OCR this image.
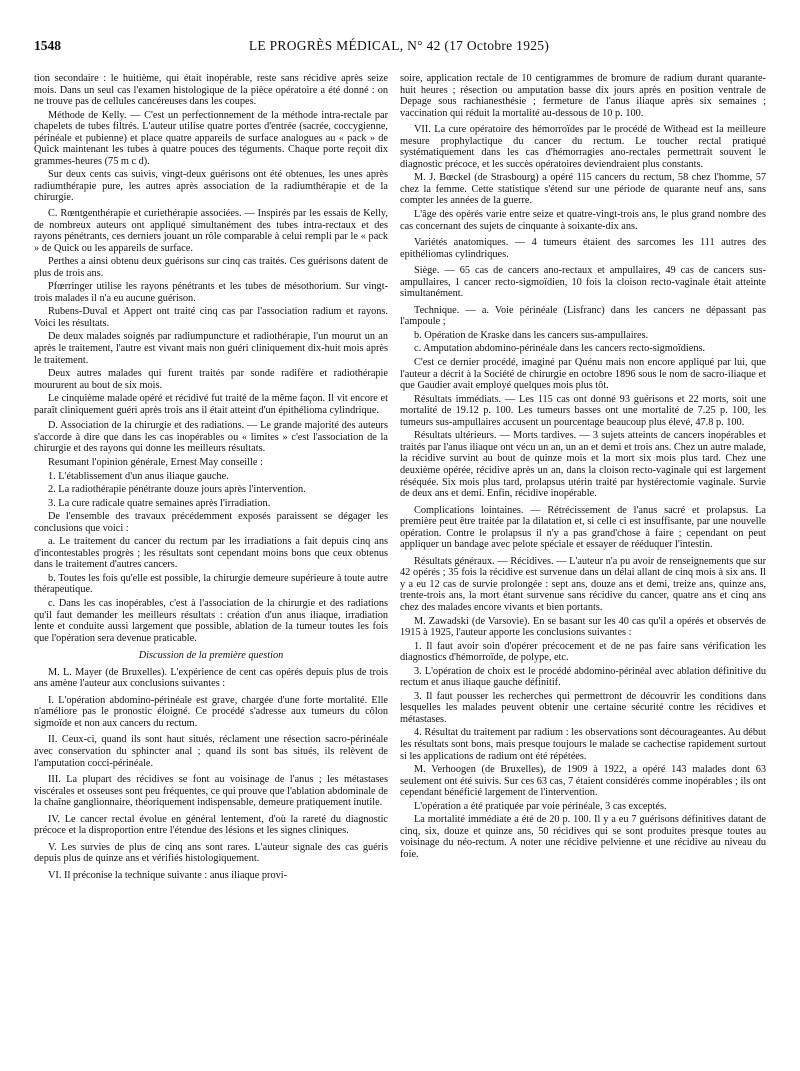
1548	LE PROGRÈS MÉDICAL, N° 42 (17 Octobre 1925)

tion secondaire : le huitième, qui était inopérable, reste sans récidive après seize mois. Dans un seul cas l'examen histologique de la pièce opératoire a été donné : on ne trouve pas de cellules cancéreuses dans les coupes.

Méthode de Kelly. — C'est un perfectionnement de la méthode intra-rectale par chapelets de tubes filtrés. L'auteur utilise quatre portes d'entrée (sacrée, coccygienne, périnéale et pubienne) et place quatre appareils de surface analogues au « pack » de Quick maintenant les tubes à quatre pouces des téguments. Chaque porte reçoit dix grammes-heures (75 m c d).

Sur deux cents cas suivis, vingt-deux guérisons ont été obtenues, les unes après radiumthérapie pure, les autres après association de la radiumthérapie et de la chirurgie.

C. Rœntgenthérapie et curiethérapie associées. — Inspirés par les essais de Kelly, de nombreux auteurs ont appliqué simultanément des tubes intra-rectaux et des rayons pénétrants, ces derniers jouant un rôle comparable à celui rempli par le « pack » de Quick ou les appareils de surface.

Perthes a ainsi obtenu deux guérisons sur cinq cas traités. Ces guérisons datent de plus de trois ans.

Pfœrringer utilise les rayons pénétrants et les tubes de mésothorium. Sur vingt-trois malades il n'a eu aucune guérison.

Rubens-Duval et Appert ont traité cinq cas par l'association radium et rayons. Voici les résultats.

De deux malades soignés par radiumpuncture et radiothérapie, l'un mourut un an après le traitement, l'autre est vivant mais non guéri cliniquement dix-huit mois après le traitement.

Deux autres malades qui furent traités par sonde radifère et radiothérapie moururent au bout de six mois.

Le cinquième malade opéré et récidivé fut traité de la même façon. Il vit encore et paraît cliniquement guéri après trois ans il était atteint d'un épithélioma cylindrique.

D. Association de la chirurgie et des radiations. — Le grande majorité des auteurs s'accorde à dire que dans les cas inopérables ou « limites » c'est l'association de la chirurgie et des rayons qui donne les meilleurs résultats.

Resumant l'opinion générale, Ernest May conseille :

1. L'établissement d'un anus iliaque gauche.

2. La radiothérapie pénétrante douze jours après l'intervention.

3. La cure radicale quatre semaines après l'irradiation.

De l'ensemble des travaux précédemment exposés paraissent se dégager les conclusions que voici :

a. Le traitement du cancer du rectum par les irradiations a fait depuis cinq ans d'incontestables progrès ; les résultats sont cependant moins bons que ceux obtenus dans le traitement d'autres cancers.

b. Toutes les fois qu'elle est possible, la chirurgie demeure supérieure à toute autre thérapeutique.

c. Dans les cas inopérables, c'est à l'association de la chirurgie et des radiations qu'il faut demander les meilleurs résultats : création d'un anus iliaque, irradiation lente et conduite aussi largement que possible, ablation de la tumeur toutes les fois que l'opération sera devenue praticable.

Discussion de la première question

M. L. Mayer (de Bruxelles). L'expérience de cent cas opérés depuis plus de trois ans amène l'auteur aux conclusions suivantes :

I. L'opération abdomino-périnéale est grave, chargée d'une forte mortalité. Elle n'améliore pas le pronostic éloigné. Ce procédé s'adresse aux tumeurs du côlon sigmoïde et non aux cancers du rectum.

II. Ceux-ci, quand ils sont haut situés, réclament une résection sacro-périnéale avec conservation du sphincter anal ; quand ils sont bas situés, ils relèvent de l'amputation cocci-périnéale.

III. La plupart des récidives se font au voisinage de l'anus ; les métastases viscérales et osseuses sont peu fréquentes, ce qui prouve que l'ablation abdominale de la chaîne ganglionnaire, théoriquement indispensable, demeure pratiquement inutile.

IV. Le cancer rectal évolue en général lentement, d'où la rareté du diagnostic précoce et la disproportion entre l'étendue des lésions et les signes cliniques.

V. Les survies de plus de cinq ans sont rares. L'auteur signale des cas guéris depuis plus de quinze ans et vérifiés histologiquement.

VI. Il préconise la technique suivante : anus iliaque provi-

soire, application rectale de 10 centigrammes de bromure de radium durant quarante-huit heures ; résection ou amputation basse dix jours après en position ventrale de Depage sous rachianesthésie ; fermeture de l'anus iliaque après six semaines ; vaccination qui réduit la mortalité au-dessous de 10 p. 100.

VII. La cure opératoire des hémorroïdes par le procédé de Withead est la meilleure mesure prophylactique du cancer du rectum. Le toucher rectal pratiqué systématiquement dans les cas d'hémorragies ano-rectales permettrait souvent le diagnostic précoce, et les succès opératoires deviendraient plus constants.

M. J. Bœckel (de Strasbourg) a opéré 115 cancers du rectum, 58 chez l'homme, 57 chez la femme. Cette statistique s'étend sur une période de quarante neuf ans, sans compter les années de la guerre.

L'âge des opérés varie entre seize et quatre-vingt-trois ans, le plus grand nombre des cas concernant des sujets de cinquante à soixante-dix ans.

Variétés anatomiques. — 4 tumeurs étaient des sarcomes les 111 autres des epithéliomas cylindriques.

Siège. — 65 cas de cancers ano-rectaux et ampullaires, 49 cas de cancers sus-ampullaires, 1 cancer recto-sigmoïdien, 10 fois la cloison recto-vaginale était atteinte simultanément.

Technique. — a. Voie périnéale (Lisfranc) dans les cancers ne dépassant pas l'ampoule ;

b. Opération de Kraske dans les cancers sus-ampullaires.

c. Amputation abdomino-périnéale dans les cancers recto-sigmoïdiens.

C'est ce dernier procédé, imaginé par Quénu mais non encore appliqué par lui, que l'auteur a décrit à la Société de chirurgie en octobre 1896 sous le nom de sacro-iliaque et que Gaudier avait employé quelques mois plus tôt.

Résultats immédiats. — Les 115 cas ont donné 93 guérisons et 22 morts, soit une mortalité de 19.12 p. 100. Les tumeurs basses ont une mortalité de 7.25 p. 100, les tumeurs sus-ampullaires accusent un pourcentage beaucoup plus élevé, 47.8 p. 100.

Résultats ultérieurs. — Morts tardives. — 3 sujets atteints de cancers inopérables et traités par l'anus iliaque ont vécu un an, un an et demi et trois ans. Chez un autre malade, la récidive survint au bout de quinze mois et la mort six mois plus tard. Chez une deuxième opérée, récidive après un an, dans la cloison recto-vaginale qui est largement réséquée. Six mois plus tard, prolapsus utérin traité par hystérectomie vaginale. Survie de deux ans et demi. Enfin, récidive inopérable.

Complications lointaines. — Rétrécissement de l'anus sacré et prolapsus. La première peut être traitée par la dilatation et, si celle ci est insuffisante, par une nouvelle opération. Contre le prolapsus il n'y a pas grand'chose à faire ; cependant on peut appliquer un bandage avec pelote spéciale et essayer de rééduquer l'intestin.

Résultats généraux. — Récidives. — L'auteur n'a pu avoir de renseignements que sur 42 opérés ; 35 fois la récidive est survenue dans un délai allant de cinq mois à six ans. Il y a eu 12 cas de survie prolongée : sept ans, douze ans et demi, treize ans, quinze ans, trente-trois ans, la mort étant survenue sans récidive du cancer, quatre ans et cinq ans chez des malades encore vivants et bien portants.

M. Zawadski (de Varsovie). En se basant sur les 40 cas qu'il a opérés et observés de 1915 à 1925, l'auteur apporte les conclusions suivantes :

1. Il faut avoir soin d'opérer précocement et de ne pas faire sans vérification les diagnostics d'hémorroïde, de polype, etc.

3. L'opération de choix est le procédé abdomino-périnéal avec ablation définitive du rectum et anus iliaque gauche définitif.

3. Il faut pousser les recherches qui permettront de découvrir les conditions dans lesquelles les malades peuvent obtenir une certaine sécurité contre les récidives et métastases.

4. Résultat du traitement par radium : les observations sont décourageantes. Au début les résultats sont bons, mais presque toujours le malade se cachectise rapidement surtout si les applications de radium ont été répétées.

M. Verhoogen (de Bruxelles), de 1909 à 1922, a opéré 143 malades dont 63 seulement ont été suivis. Sur ces 63 cas, 7 étaient considérés comme inopérables ; ils ont cependant bénéficié largement de l'intervention.

L'opération a été pratiquée par voie périnéale, 3 cas exceptés.

La mortalité immédiate a été de 20 p. 100. Il y a eu 7 guérisons définitives datant de cinq, six, douze et quinze ans, 50 récidives qui se sont produites presque toutes au voisinage du néo-rectum. A noter une récidive pelvienne et une récidive au niveau du foie.
